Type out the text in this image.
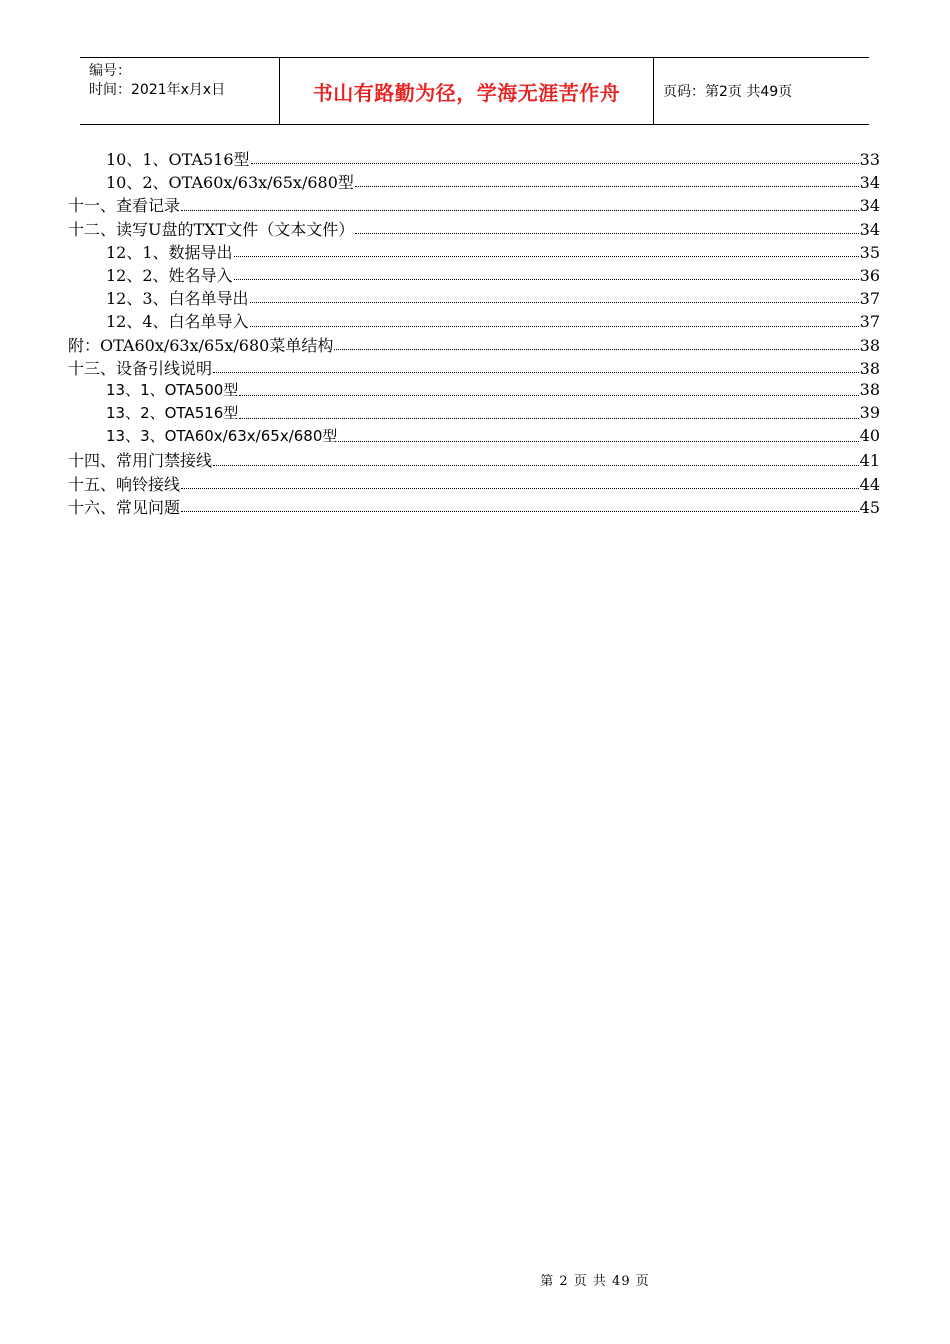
编号：
时间：2021年x月x日	书山有路勤为径，学海无涯苦作舟	页码：第2页 共49页
10、1、OTA516型	33
10、2、OTA60x/63x/65x/680型	34
十一、查看记录	34
十二、读写U盘的TXT文件（文本文件）	34
12、1、数据导出	35
12、2、姓名导入	36
12、3、白名单导出	37
12、4、白名单导入	37
附：OTA60x/63x/65x/680菜单结构	38
十三、设备引线说明	38
13、1、OTA500型	38
13、2、OTA516型	39
13、3、OTA60x/63x/65x/680型	40
十四、常用门禁接线	41
十五、响铃接线	44
十六、常见问题	45
第 2 页 共 49 页
